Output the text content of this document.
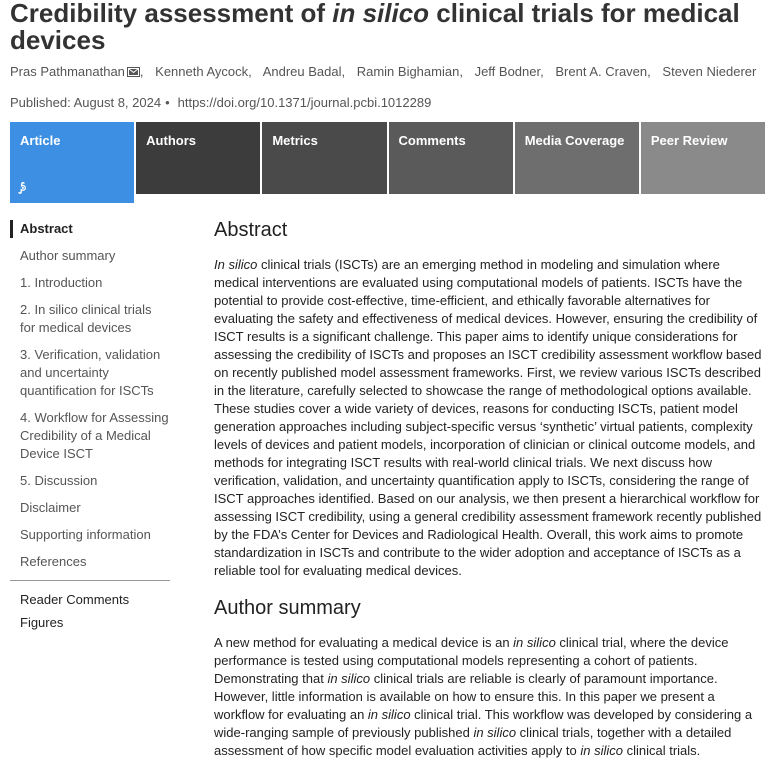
Credibility assessment of in silico clinical trials for medical devices
Pras Pathmanathan , Kenneth Aycock, Andreu Badal, Ramin Bighamian, Jeff Bodner, Brent A. Craven, Steven Niederer
Published: August 8, 2024 • https://doi.org/10.1371/journal.pcbi.1012289
Article
⨔
Authors	Metrics	Comments	Media Coverage	Peer Review
Abstract
Author summary
1. Introduction
2. In silico clinical trials for medical devices
3. Verification, validation and uncertainty quantification for ISCTs
4. Workflow for Assessing Credibility of a Medical Device ISCT
5. Discussion
Disclaimer
Supporting information
References
Reader Comments
Figures
Abstract

In silico clinical trials (ISCTs) are an emerging method in modeling and simulation where medical interventions are evaluated using computational models of patients. ISCTs have the potential to provide cost-effective, time-efficient, and ethically favorable alternatives for evaluating the safety and effectiveness of medical devices. However, ensuring the credibility of ISCT results is a significant challenge. This paper aims to identify unique considerations for assessing the credibility of ISCTs and proposes an ISCT credibility assessment workflow based on recently published model assessment frameworks. First, we review various ISCTs described in the literature, carefully selected to showcase the range of methodological options available. These studies cover a wide variety of devices, reasons for conducting ISCTs, patient model generation approaches including subject-specific versus ‘synthetic’ virtual patients, complexity levels of devices and patient models, incorporation of clinician or clinical outcome models, and methods for integrating ISCT results with real-world clinical trials. We next discuss how verification, validation, and uncertainty quantification apply to ISCTs, considering the range of ISCT approaches identified. Based on our analysis, we then present a hierarchical workflow for assessing ISCT credibility, using a general credibility assessment framework recently published by the FDA’s Center for Devices and Radiological Health. Overall, this work aims to promote standardization in ISCTs and contribute to the wider adoption and acceptance of ISCTs as a reliable tool for evaluating medical devices.

Author summary

A new method for evaluating a medical device is an in silico clinical trial, where the device performance is tested using computational models representing a cohort of patients. Demonstrating that in silico clinical trials are reliable is clearly of paramount importance. However, little information is available on how to ensure this. In this paper we present a workflow for evaluating an in silico clinical trial. This workflow was developed by considering a wide-ranging sample of previously published in silico clinical trials, together with a detailed assessment of how specific model evaluation activities apply to in silico clinical trials.
